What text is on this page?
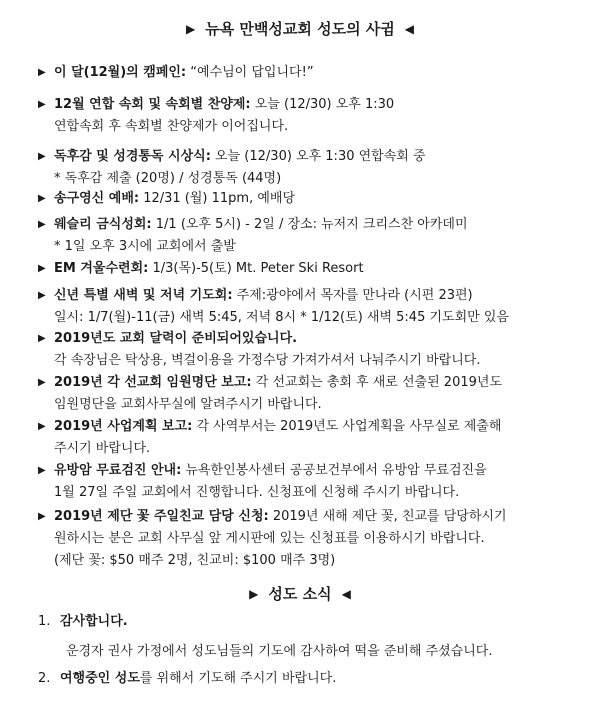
▶ 뉴욕 만백성교회 성도의 사귐 ◀
▶ 이 달(12월)의 캠페인: “예수님이 답입니다!”
▶ 12월 연합 속회 및 속회별 찬양제: 오늘 (12/30) 오후 1:30
연합속회 후 속회별 찬양제가 이어집니다.
▶ 독후감 및 성경통독 시상식: 오늘 (12/30) 오후 1:30 연합속회 중
* 독후감 제출 (20명) / 성경통독 (44명)
▶ 송구영신 예배: 12/31 (월) 11pm, 예배당
▶ 웨슬리 금식성회: 1/1 (오후 5시) - 2일 / 장소: 뉴저지 크리스찬 아카데미
* 1일 오후 3시에 교회에서 출발
▶ EM 겨울수련회: 1/3(목)-5(토) Mt. Peter Ski Resort
▶ 신년 특별 새벽 및 저녁 기도회: 주제:광야에서 목자를 만나라 (시편 23편)
일시: 1/7(월)-11(금) 새벽 5:45, 저녁 8시 * 1/12(토) 새벽 5:45 기도회만 있음
▶ 2019년도 교회 달력이 준비되어있습니다.
각 속장님은 탁상용, 벽걸이용을 가정수당 가져가셔서 나눠주시기 바랍니다.
▶ 2019년 각 선교회 임원명단 보고: 각 선교회는 총회 후 새로 선출된 2019년도
임원명단을 교회사무실에 알려주시기 바랍니다.
▶ 2019년 사업계획 보고: 각 사역부서는 2019년도 사업계획을 사무실로 제출해
주시기 바랍니다.
▶ 유방암 무료검진 안내: 뉴욕한인봉사센터 공공보건부에서 유방암 무료검진을
1월 27일 주일 교회에서 진행합니다. 신청표에 신청해 주시기 바랍니다.
▶ 2019년 제단 꽃 주일친교 담당 신청: 2019년 새해 제단 꽃, 친교를 담당하시기
원하시는 분은 교회 사무실 앞 게시판에 있는 신청표를 이용하시기 바랍니다.
(제단 꽃: $50 매주 2명, 친교비: $100 매주 3명)
▶ 성도 소식 ◀
1. 감사합니다.
운경자 권사 가정에서 성도님들의 기도에 감사하여 떡을 준비해 주셨습니다.
2. 여행중인 성도를 위해서 기도해 주시기 바랍니다.
